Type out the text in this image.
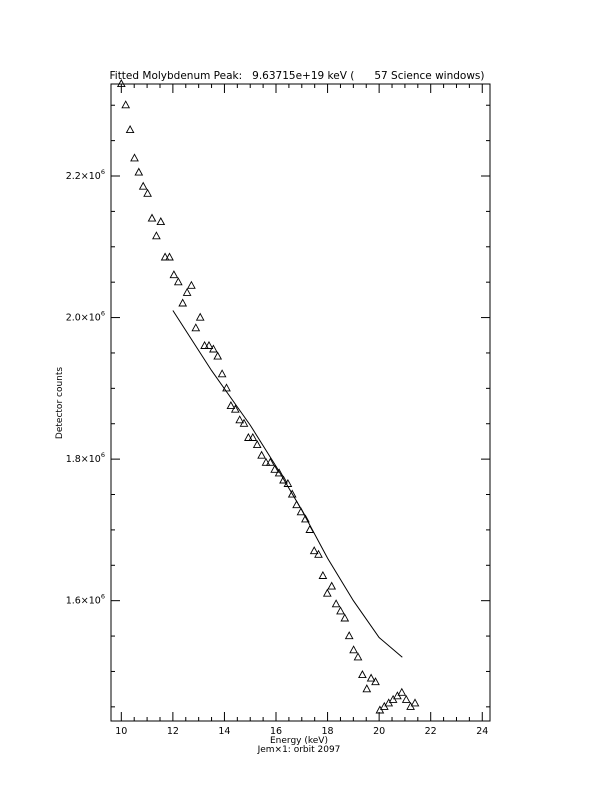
Fitted Molybdenum Peak:   9.63715e+19 keV (      57 Science windows)
10	12	14	16	18	20	22	24
$1.6\times 10^6$
$1.8\times 10^6$
$2.0\times 10^6$
$2.2\times 10^6$
Energy (keV)
Jem×1: orbit 2097
Detector counts
